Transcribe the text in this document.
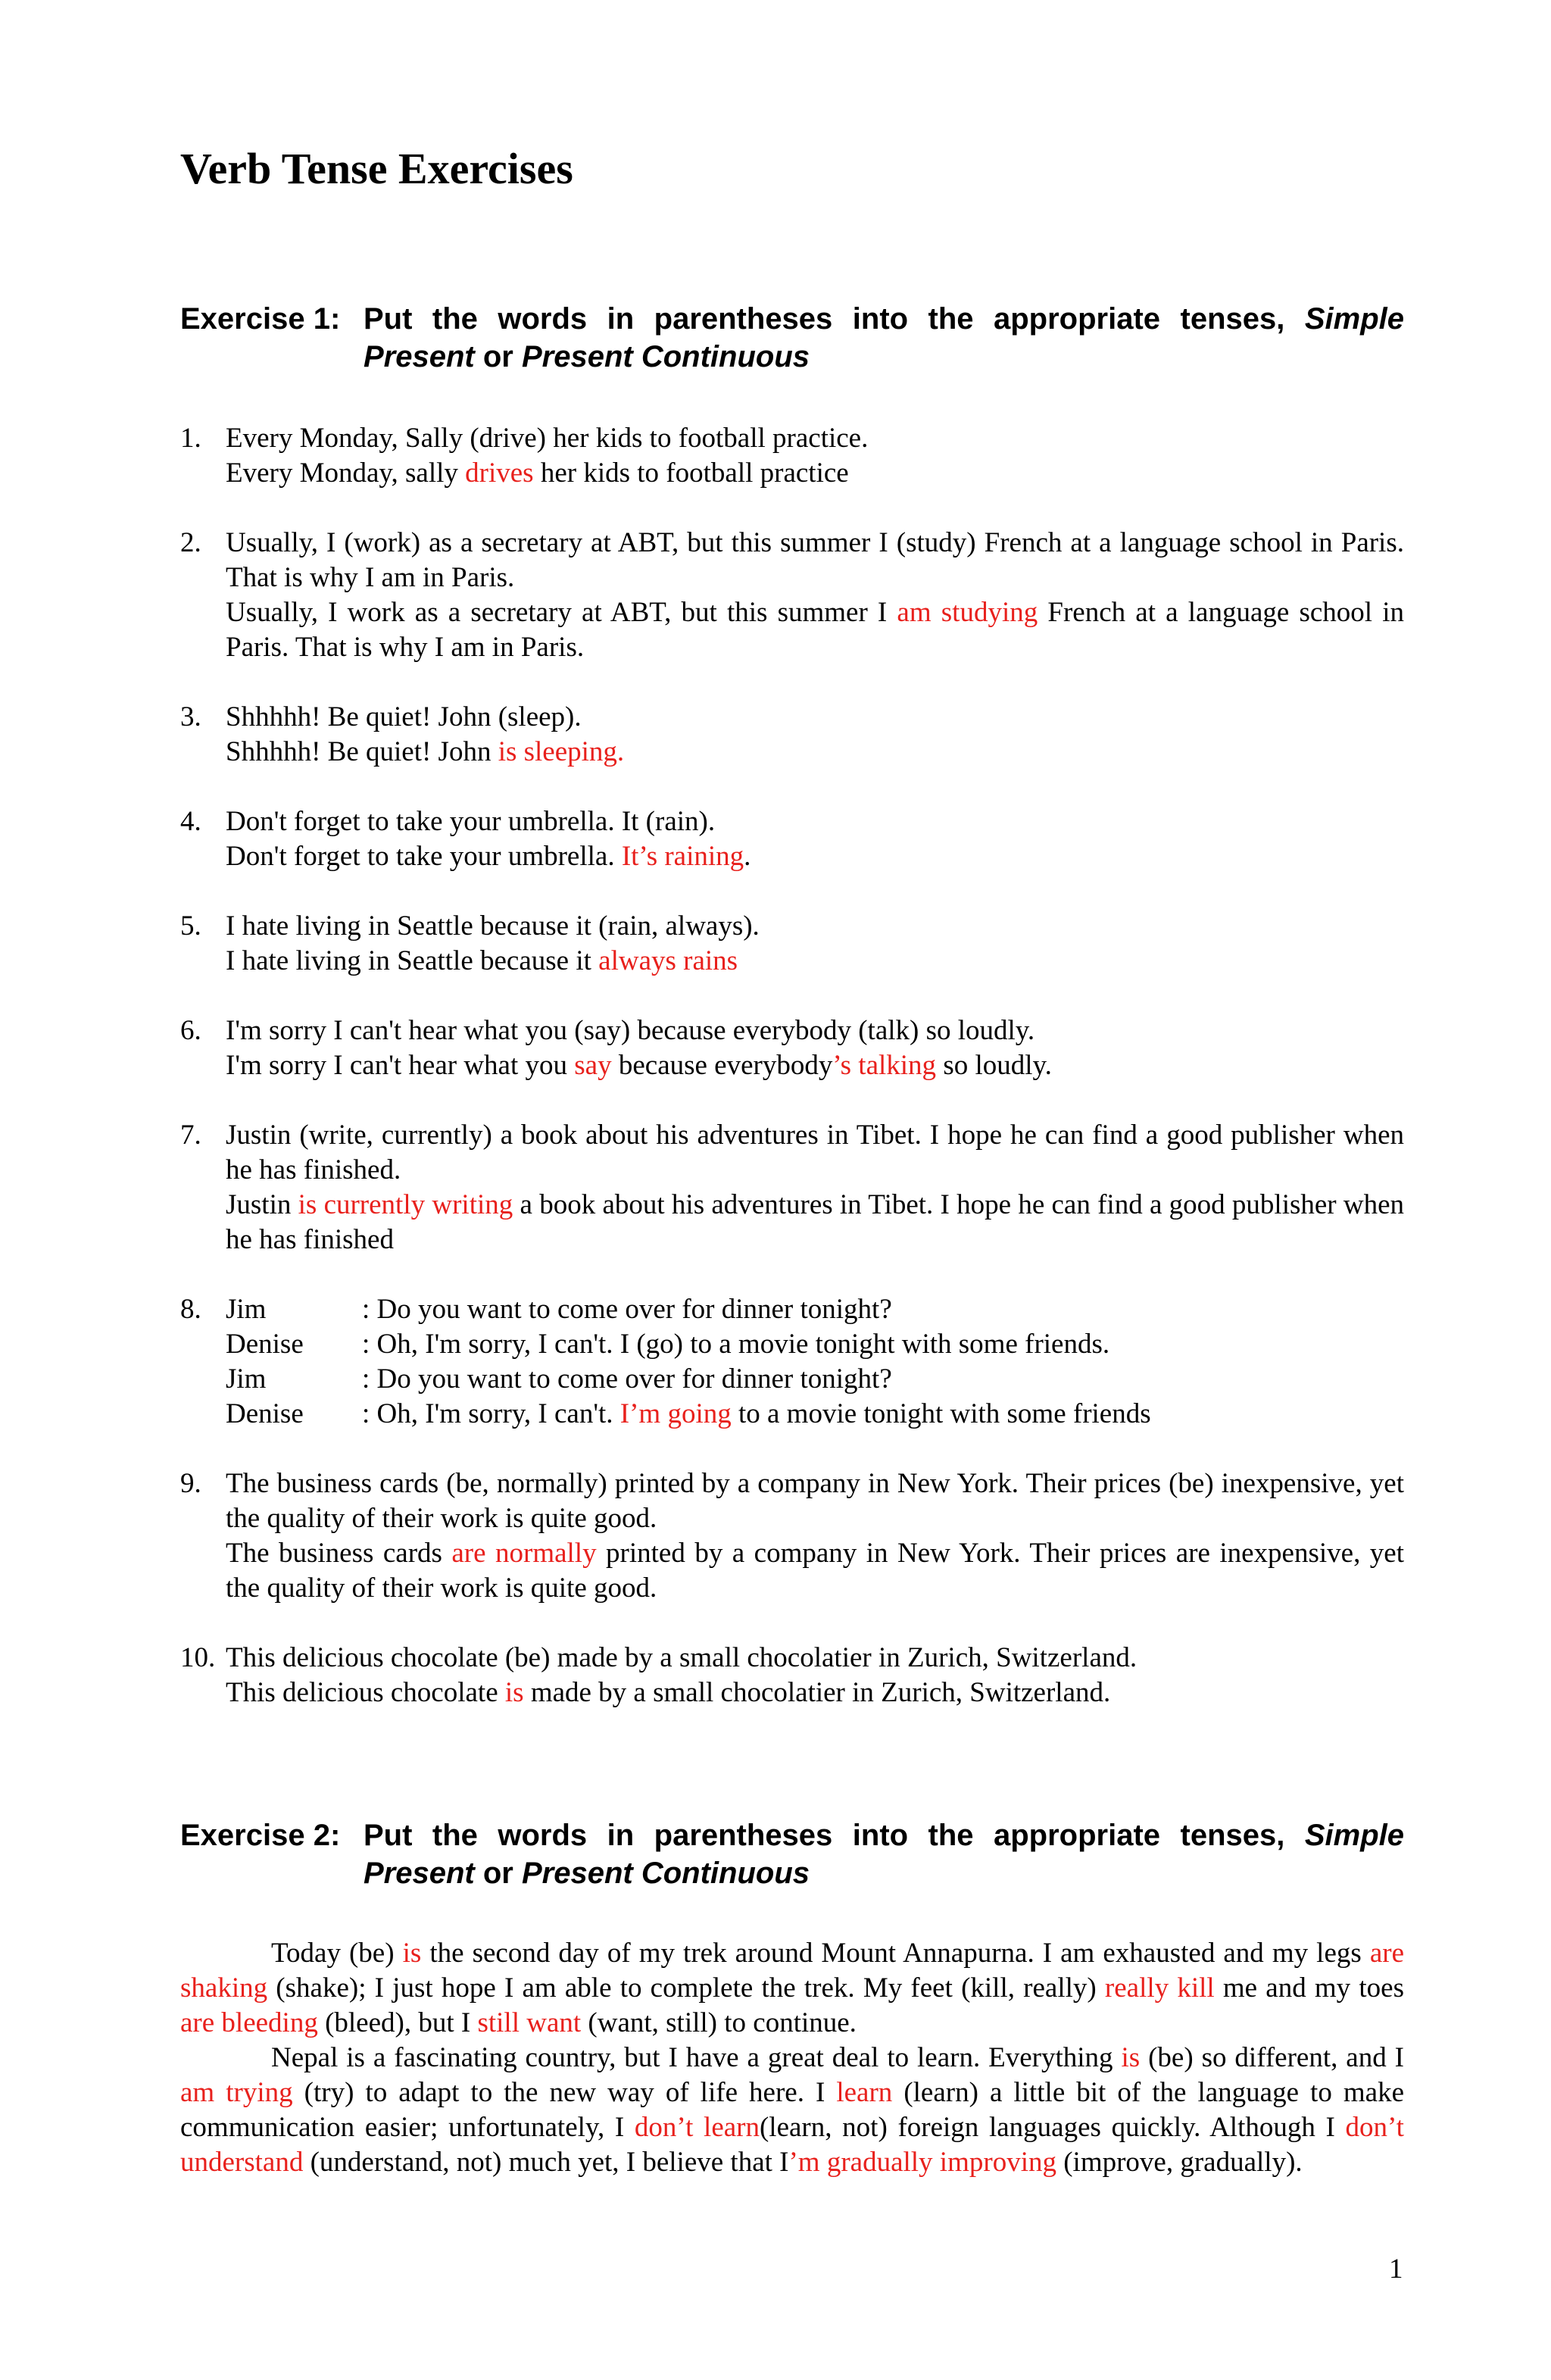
Verb Tense Exercises
Exercise 1: Put the words in parentheses into the appropriate tenses, Simple Present or Present Continuous
1. Every Monday, Sally (drive) her kids to football practice.
Every Monday, sally drives her kids to football practice
2. Usually, I (work) as a secretary at ABT, but this summer I (study) French at a language school in Paris. That is why I am in Paris.
Usually, I work as a secretary at ABT, but this summer I am studying French at a language school in Paris. That is why I am in Paris.
3. Shhhhh! Be quiet! John (sleep).
Shhhhh! Be quiet! John is sleeping.
4. Don't forget to take your umbrella. It (rain).
Don't forget to take your umbrella. It’s raining.
5. I hate living in Seattle because it (rain, always).
I hate living in Seattle because it always rains
6. I'm sorry I can't hear what you (say) because everybody (talk) so loudly.
I'm sorry I can't hear what you say because everybody’s talking so loudly.
7. Justin (write, currently) a book about his adventures in Tibet. I hope he can find a good publisher when he has finished.
Justin is currently writing a book about his adventures in Tibet. I hope he can find a good publisher when he has finished
8. Jim	: Do you want to come over for dinner tonight?
Denise	: Oh, I'm sorry, I can't. I (go) to a movie tonight with some friends.
Jim	: Do you want to come over for dinner tonight?
Denise	: Oh, I'm sorry, I can't. I’m going to a movie tonight with some friends
9. The business cards (be, normally) printed by a company in New York. Their prices (be) inexpensive, yet the quality of their work is quite good.
The business cards are normally printed by a company in New York. Their prices are inexpensive, yet the quality of their work is quite good.
10. This delicious chocolate (be) made by a small chocolatier in Zurich, Switzerland.
This delicious chocolate is made by a small chocolatier in Zurich, Switzerland.
Exercise 2: Put the words in parentheses into the appropriate tenses, Simple Present or Present Continuous

Today (be) is the second day of my trek around Mount Annapurna. I am exhausted and my legs are shaking (shake); I just hope I am able to complete the trek. My feet (kill, really) really kill me and my toes are bleeding (bleed), but I still want (want, still) to continue.

Nepal is a fascinating country, but I have a great deal to learn. Everything is (be) so different, and I am trying (try) to adapt to the new way of life here. I learn (learn) a little bit of the language to make communication easier; unfortunately, I don’t learn(learn, not) foreign languages quickly. Although I don’t understand (understand, not) much yet, I believe that I’m gradually improving (improve, gradually).

1
